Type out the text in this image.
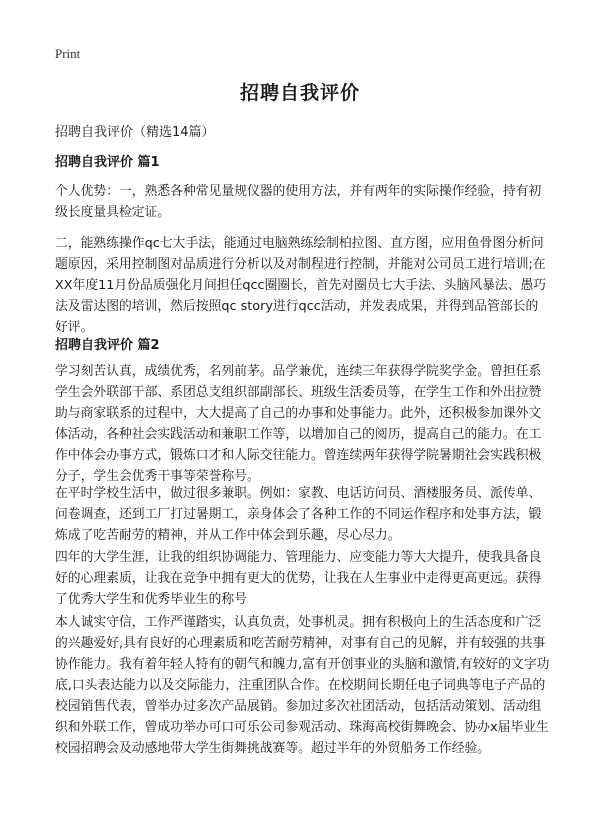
Print
招聘自我评价
招聘自我评价（精选14篇）
招聘自我评价 篇1

个人优势：一，熟悉各种常见量规仪器的使用方法，并有两年的实际操作经验，持有初级长度量具检定证。

二，能熟练操作qc七大手法，能通过电脑熟练绘制柏拉图、直方图，应用鱼骨图分析问题原因，采用控制图对品质进行分析以及对制程进行控制，并能对公司员工进行培训;在XX年度11月份品质强化月间担任qcc圈圈长，首先对圈员七大手法、头脑风暴法、愚巧法及雷达图的培训，然后按照qc story进行qcc活动，并发表成果，并得到品管部长的好评。

招聘自我评价 篇2

学习刻苦认真，成绩优秀，名列前茅。品学兼优，连续三年获得学院奖学金。曾担任系学生会外联部干部、系团总支组织部副部长、班级生活委员等，在学生工作和外出拉赞助与商家联系的过程中，大大提高了自己的办事和处事能力。此外，还积极参加课外文体活动，各种社会实践活动和兼职工作等，以增加自己的阅历，提高自己的能力。在工作中体会办事方式，锻炼口才和人际交往能力。曾连续两年获得学院暑期社会实践积极分子，学生会优秀干事等荣誉称号。

在平时学校生活中，做过很多兼职。例如：家教、电话访问员、酒楼服务员、派传单、问卷调查，还到工厂打过暑期工，亲身体会了各种工作的不同运作程序和处事方法，锻炼成了吃苦耐劳的精神，并从工作中体会到乐趣，尽心尽力。

四年的大学生涯，让我的组织协调能力、管理能力、应变能力等大大提升，使我具备良好的心理素质，让我在竞争中拥有更大的优势，让我在人生事业中走得更高更远。获得了优秀大学生和优秀毕业生的称号

本人诚实守信，工作严谨踏实，认真负责，处事机灵。拥有积极向上的生活态度和广泛的兴趣爱好,具有良好的心理素质和吃苦耐劳精神，对事有自己的见解，并有较强的共事协作能力。我有着年轻人特有的朝气和魄力,富有开创事业的头脑和激情,有较好的文字功底,口头表达能力以及交际能力，注重团队合作。在校期间长期任电子词典等电子产品的校园销售代表，曾举办过多次产品展销。参加过多次社团活动，包括活动策划、活动组织和外联工作，曾成功举办可口可乐公司参观活动、珠海高校街舞晚会、协办x届毕业生校园招聘会及动感地带大学生街舞挑战赛等。超过半年的外贸船务工作经验。
